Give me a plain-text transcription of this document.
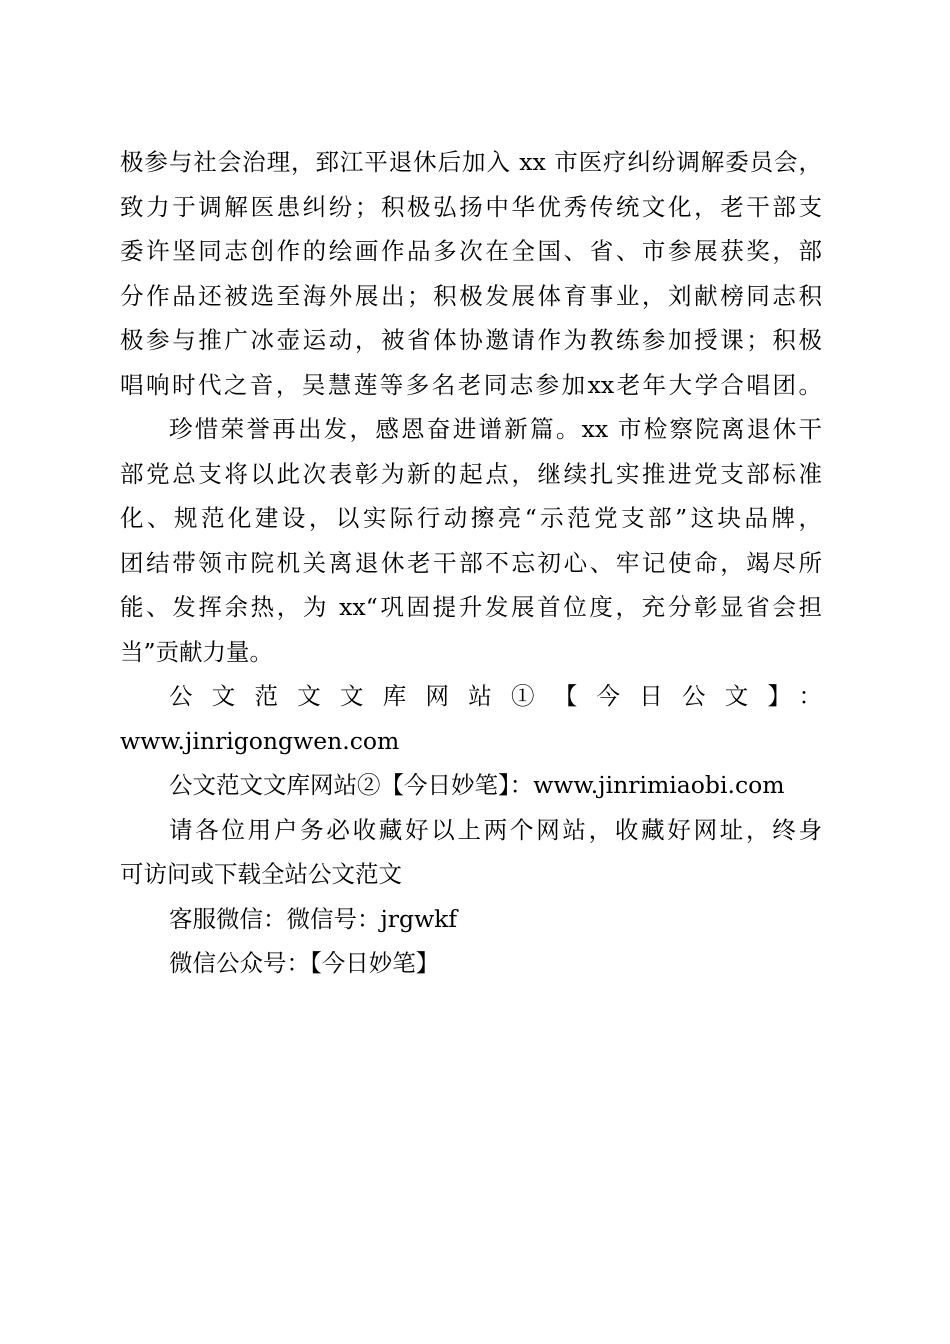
极参与社会治理，郅江平退休后加入 xx 市医疗纠纷调解委员会，
致力于调解医患纠纷；积极弘扬中华优秀传统文化，老干部支
委许坚同志创作的绘画作品多次在全国、省、市参展获奖，部
分作品还被选至海外展出；积极发展体育事业，刘献榜同志积
极参与推广冰壶运动，被省体协邀请作为教练参加授课；积极
唱响时代之音，吴慧莲等多名老同志参加xx老年大学合唱团。
珍惜荣誉再出发，感恩奋进谱新篇。xx 市检察院离退休干
部党总支将以此次表彰为新的起点，继续扎实推进党支部标准
化、规范化建设，以实际行动擦亮“示范党支部”这块品牌，
团结带领市院机关离退休老干部不忘初心、牢记使命，竭尽所
能、发挥余热，为 xx“巩固提升发展首位度，充分彰显省会担
当”贡献力量。
公文范文文库网站①【今日公文】：
www.jinrigongwen.com
公文范文文库网站②【今日妙笔】：www.jinrimiaobi.com
请各位用户务必收藏好以上两个网站，收藏好网址，终身
可访问或下载全站公文范文
客服微信：微信号：jrgwkf
微信公众号：【今日妙笔】
